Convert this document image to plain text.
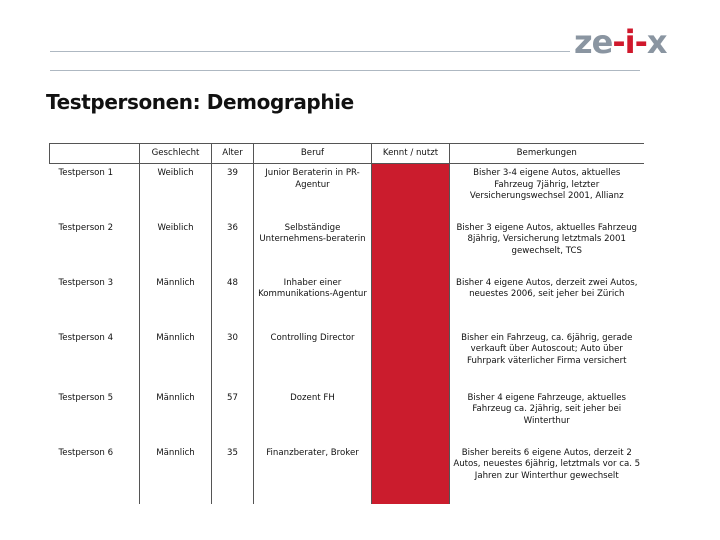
ze-i-x
Testpersonen: Demographie
	Geschlecht	Alter	Beruf	Kennt / nutzt	Bemerkungen
Testperson 1	Weiblich	39	Junior Beraterin in PR-Agentur		Bisher 3-4 eigene Autos, aktuelles Fahrzeug 7jährig, letzter Versicherungswechsel 2001, Allianz
Testperson 2	Weiblich	36	Selbständige Unternehmens-beraterin		Bisher 3 eigene Autos, aktuelles Fahrzeug 8jährig, Versicherung letztmals 2001 gewechselt, TCS
Testperson 3	Männlich	48	Inhaber einer Kommunikations-Agentur		Bisher 4 eigene Autos, derzeit zwei Autos, neuestes 2006, seit jeher bei Zürich
Testperson 4	Männlich	30	Controlling Director		Bisher ein Fahrzeug, ca. 6jährig, gerade verkauft über Autoscout; Auto über Fuhrpark väterlicher Firma versichert
Testperson 5	Männlich	57	Dozent FH		Bisher 4 eigene Fahrzeuge, aktuelles Fahrzeug ca. 2jährig, seit jeher bei Winterthur
Testperson 6	Männlich	35	Finanzberater, Broker		Bisher bereits 6 eigene Autos, derzeit 2 Autos, neuestes 6jährig, letztmals vor ca. 5 Jahren zur Winterthur gewechselt
